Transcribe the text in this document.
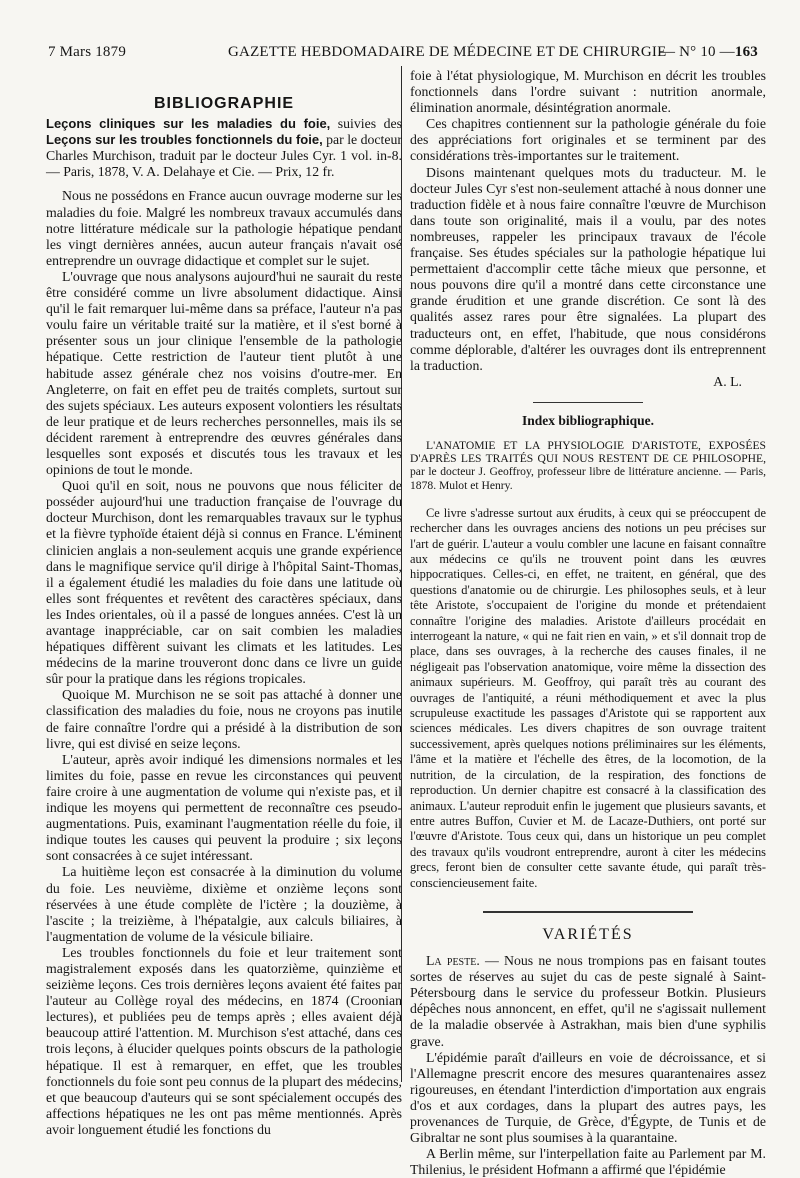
7 Mars 1879	GAZETTE HEBDOMADAIRE DE MÉDECINE ET DE CHIRURGIE
— N° 10 — 163
BIBLIOGRAPHIE

Leçons cliniques sur les maladies du foie, suivies des Leçons sur les troubles fonctionnels du foie, par le docteur Charles Murchison, traduit par le docteur Jules Cyr. 1 vol. in-8. — Paris, 1878, V. A. Delahaye et Cie. — Prix, 12 fr.

Nous ne possédons en France aucun ouvrage moderne sur les maladies du foie. Malgré les nombreux travaux accumulés dans notre littérature médicale sur la pathologie hépatique pendant les vingt dernières années, aucun auteur français n'avait osé entreprendre un ouvrage didactique et complet sur le sujet.

L'ouvrage que nous analysons aujourd'hui ne saurait du reste être considéré comme un livre absolument didactique. Ainsi qu'il le fait remarquer lui-même dans sa préface, l'auteur n'a pas voulu faire un véritable traité sur la matière, et il s'est borné à présenter sous un jour clinique l'ensemble de la pathologie hépatique. Cette restriction de l'auteur tient plutôt à une habitude assez générale chez nos voisins d'outre-mer. En Angleterre, on fait en effet peu de traités complets, surtout sur des sujets spéciaux. Les auteurs exposent volontiers les résultats de leur pratique et de leurs recherches personnelles, mais ils se décident rarement à entreprendre des œuvres générales dans lesquelles sont exposés et discutés tous les travaux et les opinions de tout le monde.

Quoi qu'il en soit, nous ne pouvons que nous féliciter de posséder aujourd'hui une traduction française de l'ouvrage du docteur Murchison, dont les remarquables travaux sur le typhus et la fièvre typhoïde étaient déjà si connus en France. L'éminent clinicien anglais a non-seulement acquis une grande expérience dans le magnifique service qu'il dirige à l'hôpital Saint-Thomas, il a également étudié les maladies du foie dans une latitude où elles sont fréquentes et revêtent des caractères spéciaux, dans les Indes orientales, où il a passé de longues années. C'est là un avantage inappréciable, car on sait combien les maladies hépatiques diffèrent suivant les climats et les latitudes. Les médecins de la marine trouveront donc dans ce livre un guide sûr pour la pratique dans les régions tropicales.

Quoique M. Murchison ne se soit pas attaché à donner une classification des maladies du foie, nous ne croyons pas inutile de faire connaître l'ordre qui a présidé à la distribution de son livre, qui est divisé en seize leçons.

L'auteur, après avoir indiqué les dimensions normales et les limites du foie, passe en revue les circonstances qui peuvent faire croire à une augmentation de volume qui n'existe pas, et il indique les moyens qui permettent de reconnaître ces pseudo-augmentations. Puis, examinant l'augmentation réelle du foie, il indique toutes les causes qui peuvent la produire ; six leçons sont consacrées à ce sujet intéressant.

La huitième leçon est consacrée à la diminution du volume du foie. Les neuvième, dixième et onzième leçons sont réservées à une étude complète de l'ictère ; la douzième, à l'ascite ; la treizième, à l'hépatalgie, aux calculs biliaires, à l'augmentation de volume de la vésicule biliaire.

Les troubles fonctionnels du foie et leur traitement sont magistralement exposés dans les quatorzième, quinzième et seizième leçons. Ces trois dernières leçons avaient été faites par l'auteur au Collège royal des médecins, en 1874 (Croonian lectures), et publiées peu de temps après ; elles avaient déjà beaucoup attiré l'attention. M. Murchison s'est attaché, dans ces trois leçons, à élucider quelques points obscurs de la pathologie hépatique. Il est à remarquer, en effet, que les troubles fonctionnels du foie sont peu connus de la plupart des médecins, et que beaucoup d'auteurs qui se sont spécialement occupés des affections hépatiques ne les ont pas même mentionnés. Après avoir longuement étudié les fonctions du

foie à l'état physiologique, M. Murchison en décrit les troubles fonctionnels dans l'ordre suivant : nutrition anormale, élimination anormale, désintégration anormale.

Ces chapitres contiennent sur la pathologie générale du foie des appréciations fort originales et se terminent par des considérations très-importantes sur le traitement.

Disons maintenant quelques mots du traducteur. M. le docteur Jules Cyr s'est non-seulement attaché à nous donner une traduction fidèle et à nous faire connaître l'œuvre de Murchison dans toute son originalité, mais il a voulu, par des notes nombreuses, rappeler les principaux travaux de l'école française. Ses études spéciales sur la pathologie hépatique lui permettaient d'accomplir cette tâche mieux que personne, et nous pouvons dire qu'il a montré dans cette circonstance une grande érudition et une grande discrétion. Ce sont là des qualités assez rares pour être signalées. La plupart des traducteurs ont, en effet, l'habitude, que nous considérons comme déplorable, d'altérer les ouvrages dont ils entreprennent la traduction.

A. L.
Index bibliographique.

L'ANATOMIE ET LA PHYSIOLOGIE D'ARISTOTE, EXPOSÉES D'APRÈS LES TRAITÉS QUI NOUS RESTENT DE CE PHILOSOPHE, par le docteur J. Geoffroy, professeur libre de littérature ancienne. — Paris, 1878. Mulot et Henry.

Ce livre s'adresse surtout aux érudits, à ceux qui se préoccupent de rechercher dans les ouvrages anciens des notions un peu précises sur l'art de guérir. L'auteur a voulu combler une lacune en faisant connaître aux médecins ce qu'ils ne trouvent point dans les œuvres hippocratiques. Celles-ci, en effet, ne traitent, en général, que des questions d'anatomie ou de chirurgie. Les philosophes seuls, et à leur tête Aristote, s'occupaient de l'origine du monde et prétendaient connaître l'origine des maladies. Aristote d'ailleurs procédait en interrogeant la nature, « qui ne fait rien en vain, » et s'il donnait trop de place, dans ses ouvrages, à la recherche des causes finales, il ne négligeait pas l'observation anatomique, voire même la dissection des animaux supérieurs. M. Geoffroy, qui paraît très au courant des ouvrages de l'antiquité, a réuni méthodiquement et avec la plus scrupuleuse exactitude les passages d'Aristote qui se rapportent aux sciences médicales. Les divers chapitres de son ouvrage traitent successivement, après quelques notions préliminaires sur les éléments, l'âme et la matière et l'échelle des êtres, de la locomotion, de la nutrition, de la circulation, de la respiration, des fonctions de reproduction. Un dernier chapitre est consacré à la classification des animaux. L'auteur reproduit enfin le jugement que plusieurs savants, et entre autres Buffon, Cuvier et M. de Lacaze-Duthiers, ont porté sur l'œuvre d'Aristote. Tous ceux qui, dans un historique un peu complet des travaux qu'ils voudront entreprendre, auront à citer les médecins grecs, feront bien de consulter cette savante étude, qui paraît très-consciencieusement faite.

VARIÉTÉS

La peste. — Nous ne nous trompions pas en faisant toutes sortes de réserves au sujet du cas de peste signalé à Saint-Pétersbourg dans le service du professeur Botkin. Plusieurs dépêches nous annoncent, en effet, qu'il ne s'agissait nullement de la maladie observée à Astrakhan, mais bien d'une syphilis grave.

L'épidémie paraît d'ailleurs en voie de décroissance, et si l'Allemagne prescrit encore des mesures quarantenaires assez rigoureuses, en étendant l'interdiction d'importation aux engrais d'os et aux cordages, dans la plupart des autres pays, les provenances de Turquie, de Grèce, d'Égypte, de Tunis et de Gibraltar ne sont plus soumises à la quarantaine.

A Berlin même, sur l'interpellation faite au Parlement par M. Thilenius, le président Hofmann a affirmé que l'épidémie
